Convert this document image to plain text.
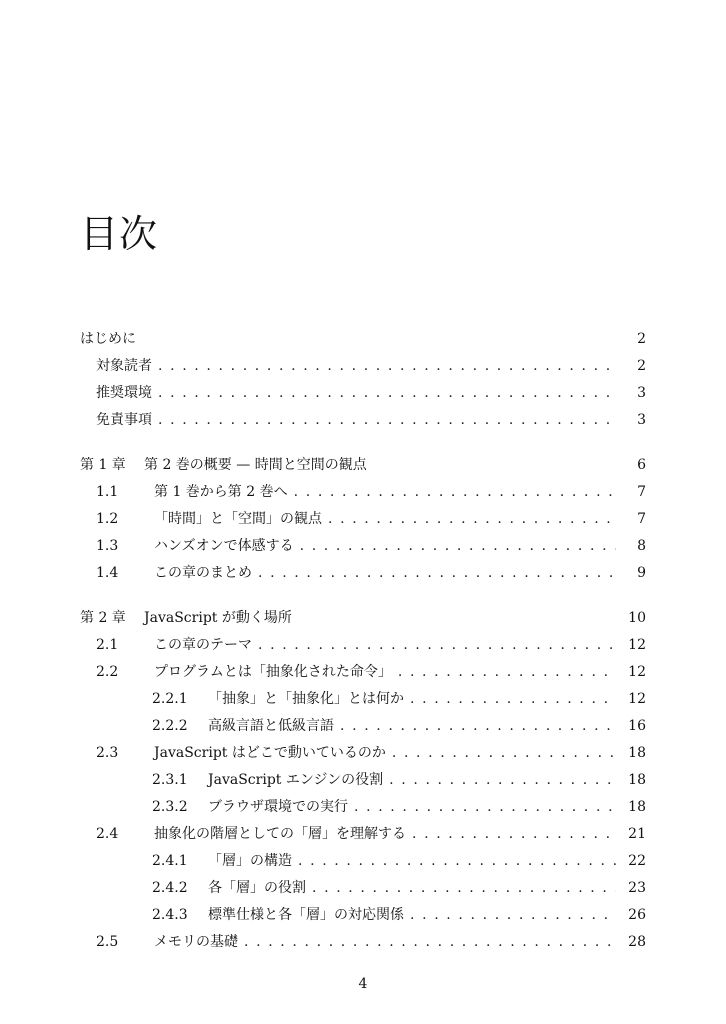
目次
はじめに	2
対象読者 . . .	2
推奨環境 . . .	3
免責事項 . . .	3
第 1 章	第 2 巻の概要 — 時間と空間の観点	6
1.1	第 1 巻から第 2 巻へ . . .	7
1.2	「時間」と「空間」の観点 . . .	7
1.3	ハンズオンで体感する . . .	8
1.4	この章のまとめ . . .	9
第 2 章	JavaScript が動く場所	10
2.1	この章のテーマ . . .	12
2.2	プログラムとは「抽象化された命令」 . . .	12
2.2.1	「抽象」と「抽象化」とは何か . . .	12
2.2.2	高級言語と低級言語 . . .	16
2.3	JavaScript はどこで動いているのか . . .	18
2.3.1	JavaScript エンジンの役割 . . .	18
2.3.2	ブラウザ環境での実行 . . .	18
2.4	抽象化の階層としての「層」を理解する . . .	21
2.4.1	「層」の構造 . . .	22
2.4.2	各「層」の役割 . . .	23
2.4.3	標準仕様と各「層」の対応関係 . . .	26
2.5	メモリの基礎 . . .	28
4
